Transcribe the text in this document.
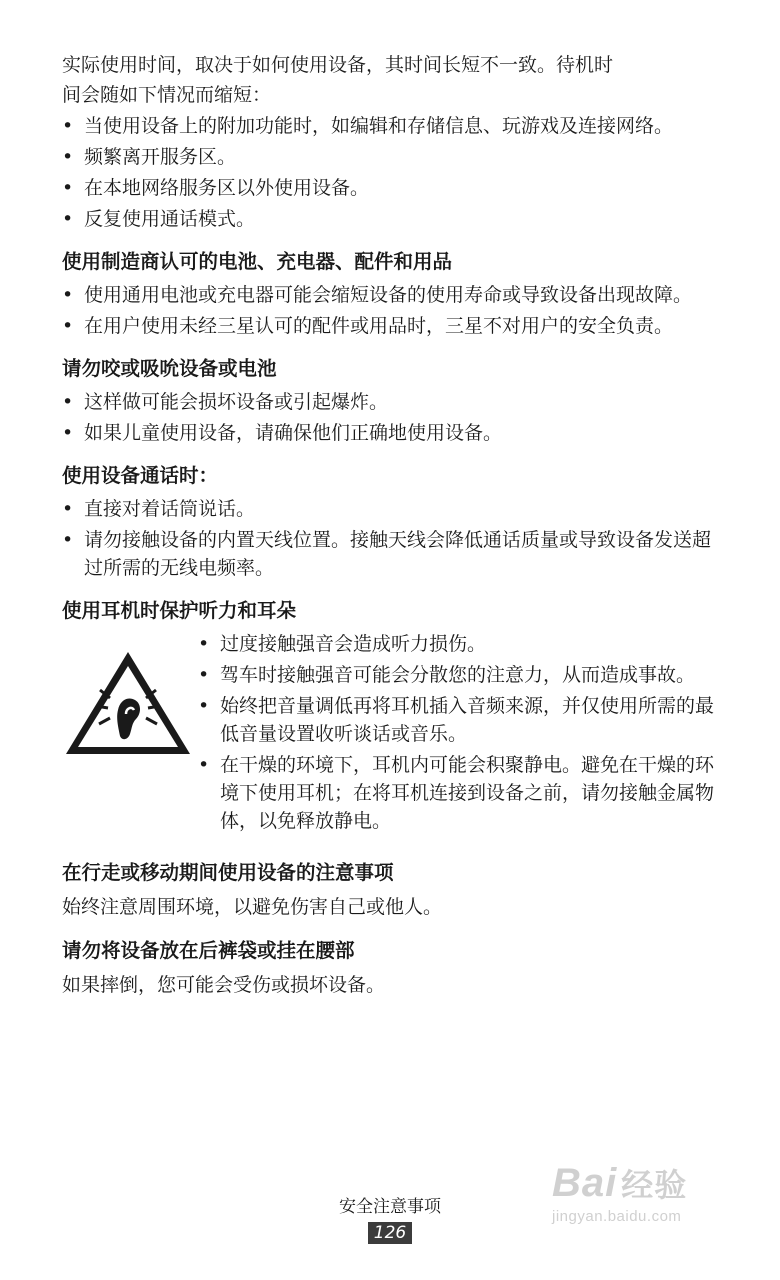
实际使用时间，取决于如何使用设备，其时间长短不一致。待机时

间会随如下情况而缩短：

• 当使用设备上的附加功能时，如编辑和存储信息、玩游戏及连接网络。
• 频繁离开服务区。
• 在本地网络服务区以外使用设备。
• 反复使用通话模式。
使用制造商认可的电池、充电器、配件和用品
• 使用通用电池或充电器可能会缩短设备的使用寿命或导致设备出现故障。
• 在用户使用未经三星认可的配件或用品时，三星不对用户的安全负责。
请勿咬或吸吮设备或电池
• 这样做可能会损坏设备或引起爆炸。
• 如果儿童使用设备，请确保他们正确地使用设备。
使用设备通话时：
• 直接对着话筒说话。
• 请勿接触设备的内置天线位置。接触天线会降低通话质量或导致设备发送超过所需的无线电频率。
使用耳机时保护听力和耳朵
• 过度接触强音会造成听力损伤。
• 驾车时接触强音可能会分散您的注意力，从而造成事故。
• 始终把音量调低再将耳机插入音频来源，并仅使用所需的最低音量设置收听谈话或音乐。
• 在干燥的环境下，耳机内可能会积聚静电。避免在干燥的环境下使用耳机；在将耳机连接到设备之前，请勿接触金属物体，以免释放静电。
在行走或移动期间使用设备的注意事项

始终注意周围环境，以避免伤害自己或他人。

请勿将设备放在后裤袋或挂在腰部

如果摔倒，您可能会受伤或损坏设备。

安全注意事项
126
Bai 经验
jingyan.baidu.com
